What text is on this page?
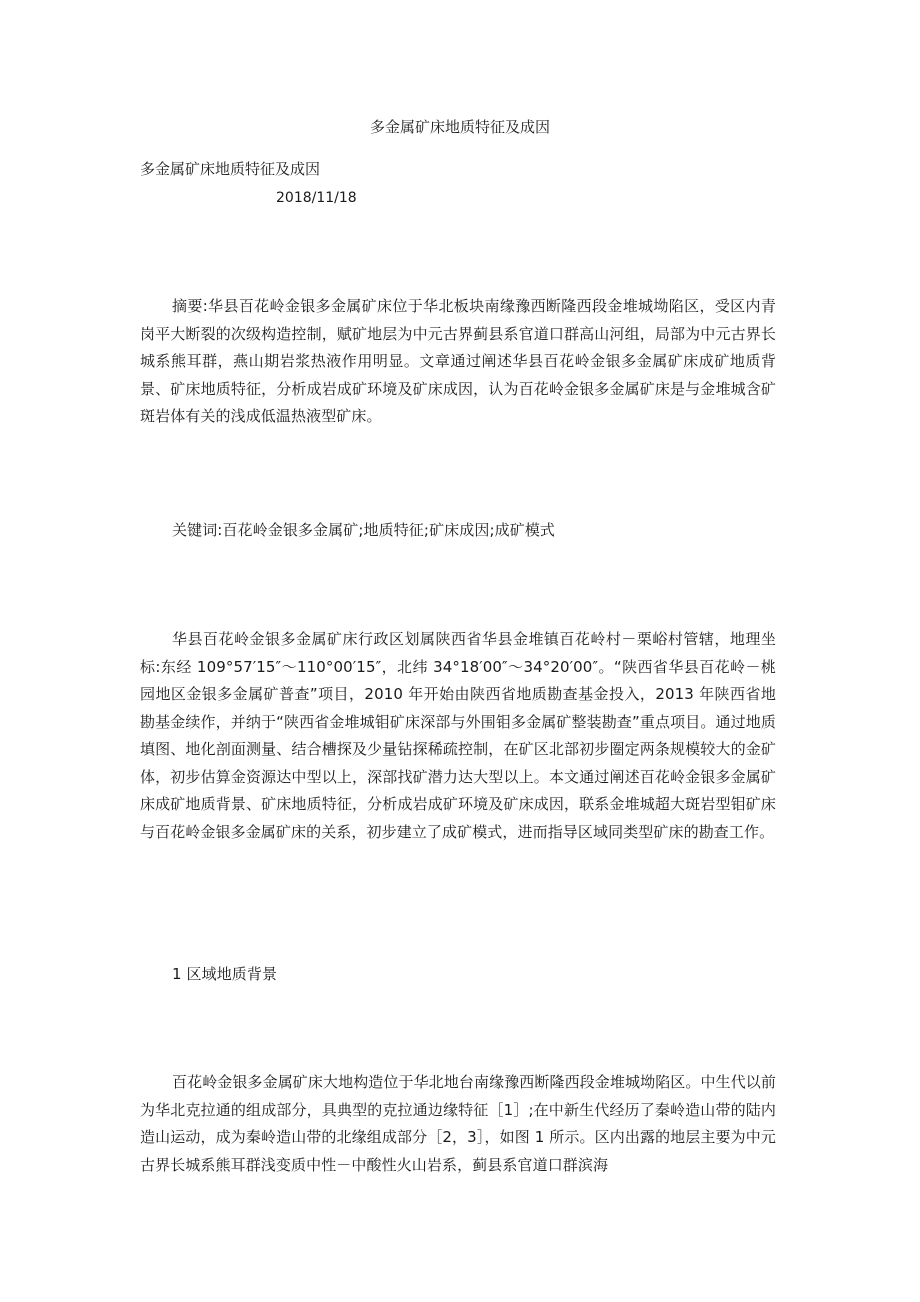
多金属矿床地质特征及成因

多金属矿床地质特征及成因

2018/11/18

摘要:华县百花岭金银多金属矿床位于华北板块南缘豫西断隆西段金堆城坳陷区，受区内青岗平大断裂的次级构造控制，赋矿地层为中元古界蓟县系官道口群高山河组，局部为中元古界长城系熊耳群，燕山期岩浆热液作用明显。文章通过阐述华县百花岭金银多金属矿床成矿地质背景、矿床地质特征，分析成岩成矿环境及矿床成因，认为百花岭金银多金属矿床是与金堆城含矿斑岩体有关的浅成低温热液型矿床。

关键词:百花岭金银多金属矿;地质特征;矿床成因;成矿模式

华县百花岭金银多金属矿床行政区划属陕西省华县金堆镇百花岭村－栗峪村管辖，地理坐标:东经 109°57′15″～110°00′15″，北纬 34°18′00″～34°20′00″。“陕西省华县百花岭－桃园地区金银多金属矿普查”项目，2010 年开始由陕西省地质勘查基金投入，2013 年陕西省地勘基金续作，并纳于“陕西省金堆城钼矿床深部与外围钼多金属矿整装勘查”重点项目。通过地质填图、地化剖面测量、结合槽探及少量钻探稀疏控制，在矿区北部初步圈定两条规模较大的金矿体，初步估算金资源达中型以上，深部找矿潜力达大型以上。本文通过阐述百花岭金银多金属矿床成矿地质背景、矿床地质特征，分析成岩成矿环境及矿床成因，联系金堆城超大斑岩型钼矿床与百花岭金银多金属矿床的关系，初步建立了成矿模式，进而指导区域同类型矿床的勘查工作。

1 区域地质背景

百花岭金银多金属矿床大地构造位于华北地台南缘豫西断隆西段金堆城坳陷区。中生代以前为华北克拉通的组成部分，具典型的克拉通边缘特征［1］;在中新生代经历了秦岭造山带的陆内造山运动，成为秦岭造山带的北缘组成部分［2，3］，如图 1 所示。区内出露的地层主要为中元古界长城系熊耳群浅变质中性－中酸性火山岩系，蓟县系官道口群滨海
